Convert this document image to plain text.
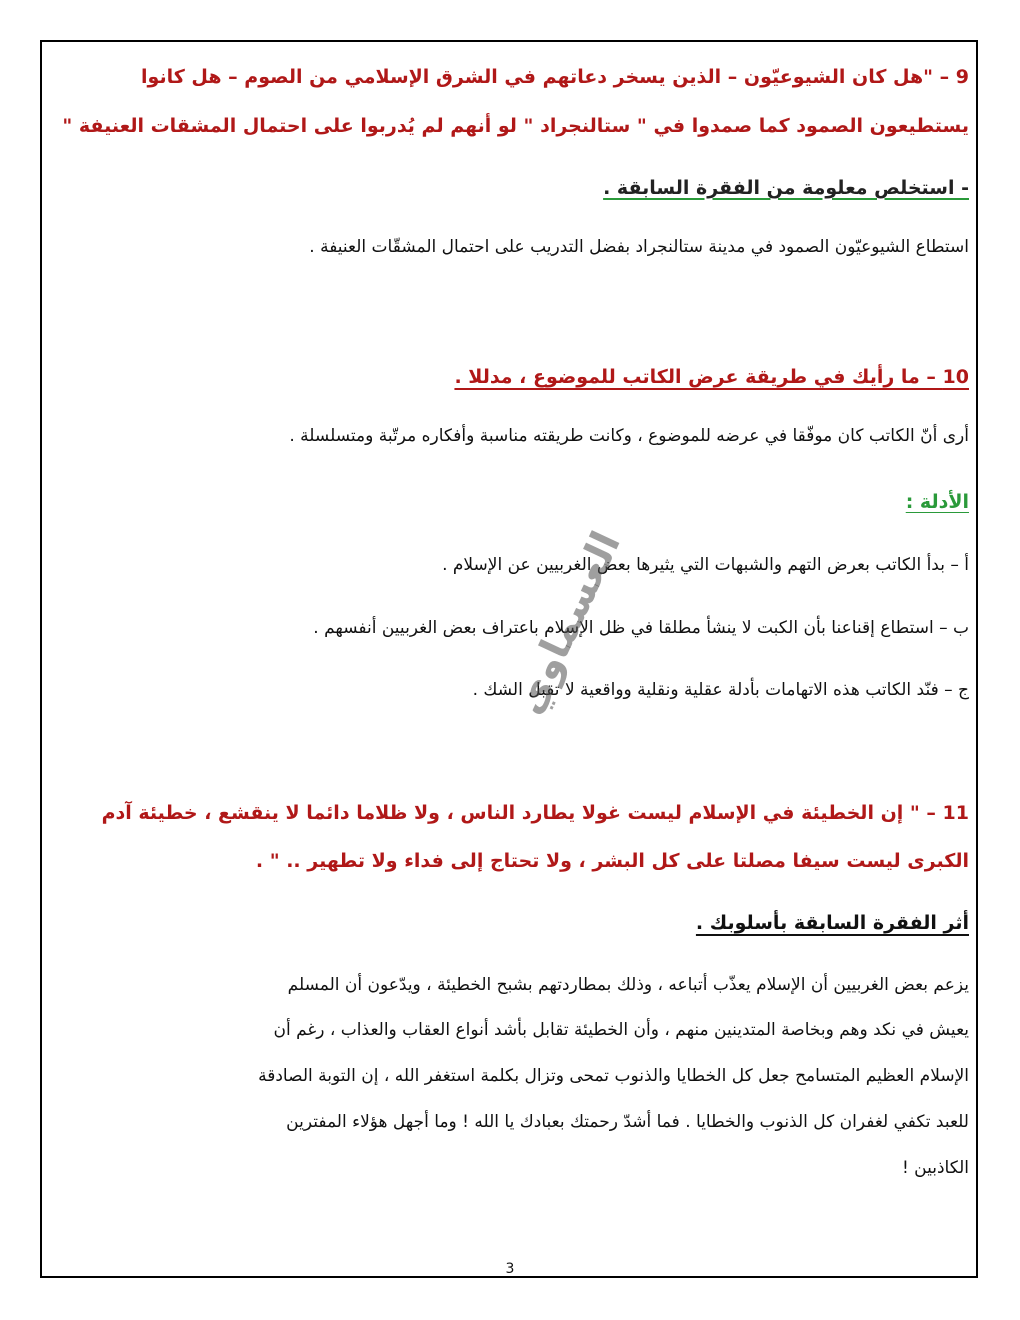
9 – "هل كان الشيوعيّون – الذين يسخر دعاتهم في الشرق الإسلامي من الصوم – هل كانوا
يستطيعون الصمود كما صمدوا في " ستالنجراد " لو أنهم لم يُدربوا على احتمال المشقات العنيفة "
- استخلص معلومة من الفقرة السابقة .
استطاع الشيوعيّون الصمود في مدينة ستالنجراد بفضل التدريب على احتمال المشقّات العنيفة .
10 – ما رأيك في طريقة عرض الكاتب للموضوع ، مدللا .
أرى أنّ الكاتب كان موفّقا في عرضه للموضوع ، وكانت طريقته مناسبة وأفكاره مرتّبة ومتسلسلة .
الأدلة :
أ – بدأ الكاتب بعرض التهم والشبهات التي يثيرها بعض الغربيين عن الإسلام .
ب – استطاع إقناعنا بأن الكبت لا ينشأ مطلقا في ظل الإسلام باعتراف بعض الغربيين أنفسهم .
ج – فنّد الكاتب هذه الاتهامات بأدلة عقلية ونقلية وواقعية لا تقبل الشك .
العسماوي
11 – " إن الخطيئة في الإسلام ليست غولا يطارد الناس ، ولا ظلاما دائما لا ينقشع ، خطيئة آدم
الكبرى ليست سيفا مصلتا على كل البشر ، ولا تحتاج إلى فداء ولا تطهير .. " .
أثر الفقرة السابقة بأسلوبك .
يزعم بعض الغربيين أن الإسلام يعذّب أتباعه ، وذلك بمطاردتهم بشبح الخطيئة ، ويدّعون أن المسلم
يعيش في نكد وهم وبخاصة المتدينين منهم ، وأن الخطيئة تقابل بأشد أنواع العقاب والعذاب ، رغم أن
الإسلام العظيم المتسامح جعل كل الخطايا والذنوب تمحى وتزال بكلمة استغفر الله ، إن التوبة الصادقة
للعبد تكفي لغفران كل الذنوب والخطايا . فما أشدّ رحمتك بعبادك يا الله ! وما أجهل هؤلاء المفترين
الكاذبين !
3
